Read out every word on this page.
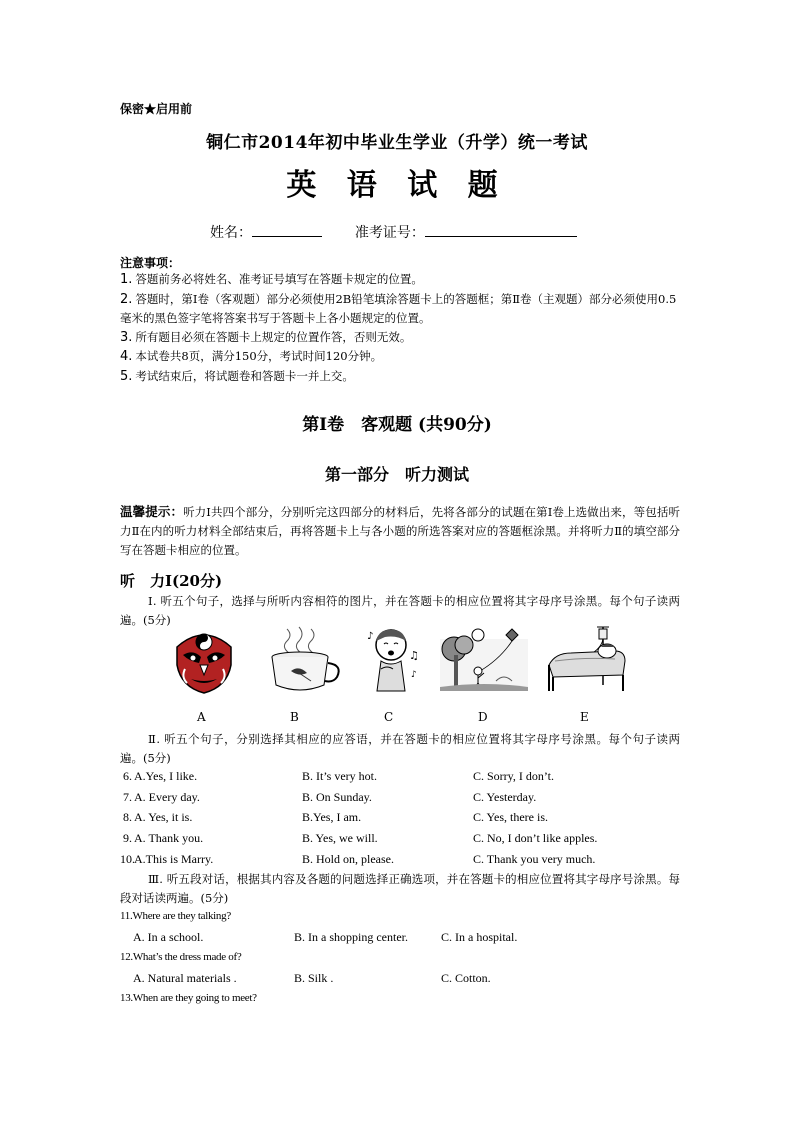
保密★启用前
铜仁市2014年初中毕业生学业（升学）统一考试
英 语 试 题
姓名：	准考证号：
注意事项：
1. 答题前务必将姓名、准考证号填写在答题卡规定的位置。
2. 答题时，第Ⅰ卷（客观题）部分必须使用2B铅笔填涂答题卡上的答题框；第Ⅱ卷（主观题）部分必须使用0.5毫米的黑色签字笔将答案书写于答题卡上各小题规定的位置。
3. 所有题目必须在答题卡上规定的位置作答，否则无效。
4. 本试卷共8页，满分150分，考试时间120分钟。
5. 考试结束后，将试题卷和答题卡一并上交。
第Ⅰ卷　客观题 (共90分)
第一部分　听力测试
温馨提示：听力Ⅰ共四个部分，分别听完这四部分的材料后，先将各部分的试题在第Ⅰ卷上选做出来，等包括听力Ⅱ在内的听力材料全部结束后，再将答题卡上与各小题的所选答案对应的答题框涂黑。并将听力Ⅱ的填空部分写在答题卡相应的位置。
听　力Ⅰ(20分)
Ⅰ. 听五个句子，选择与所听内容相符的图片，并在答题卡的相应位置将其字母序号涂黑。每个句子读两遍。(5分)
♪
♫
♪
A	B	C	D	E
Ⅱ. 听五个句子，分别选择其相应的应答语，并在答题卡的相应位置将其字母序号涂黑。每个句子读两遍。(5分)
6. A.Yes, I like.	B. It’s very hot.	C. Sorry, I don’t.
7. A. Every day.	B. On Sunday.	C. Yesterday.
8. A. Yes, it is.	B.Yes, I am.	C. Yes, there is.
9. A. Thank you.	B. Yes, we will.	C. No, I don’t like apples.
10. A.This is Marry.	B. Hold on, please.	C. Thank you very much.
Ⅲ. 听五段对话，根据其内容及各题的问题选择正确选项，并在答题卡的相应位置将其字母序号涂黑。每段对话读两遍。(5分)
11.Where are they talking?
A. In a school.	B. In a shopping center.	C. In a hospital.
12.What’s the dress made of?
A. Natural materials .	B. Silk .	C. Cotton.
13.When are they going to meet?
